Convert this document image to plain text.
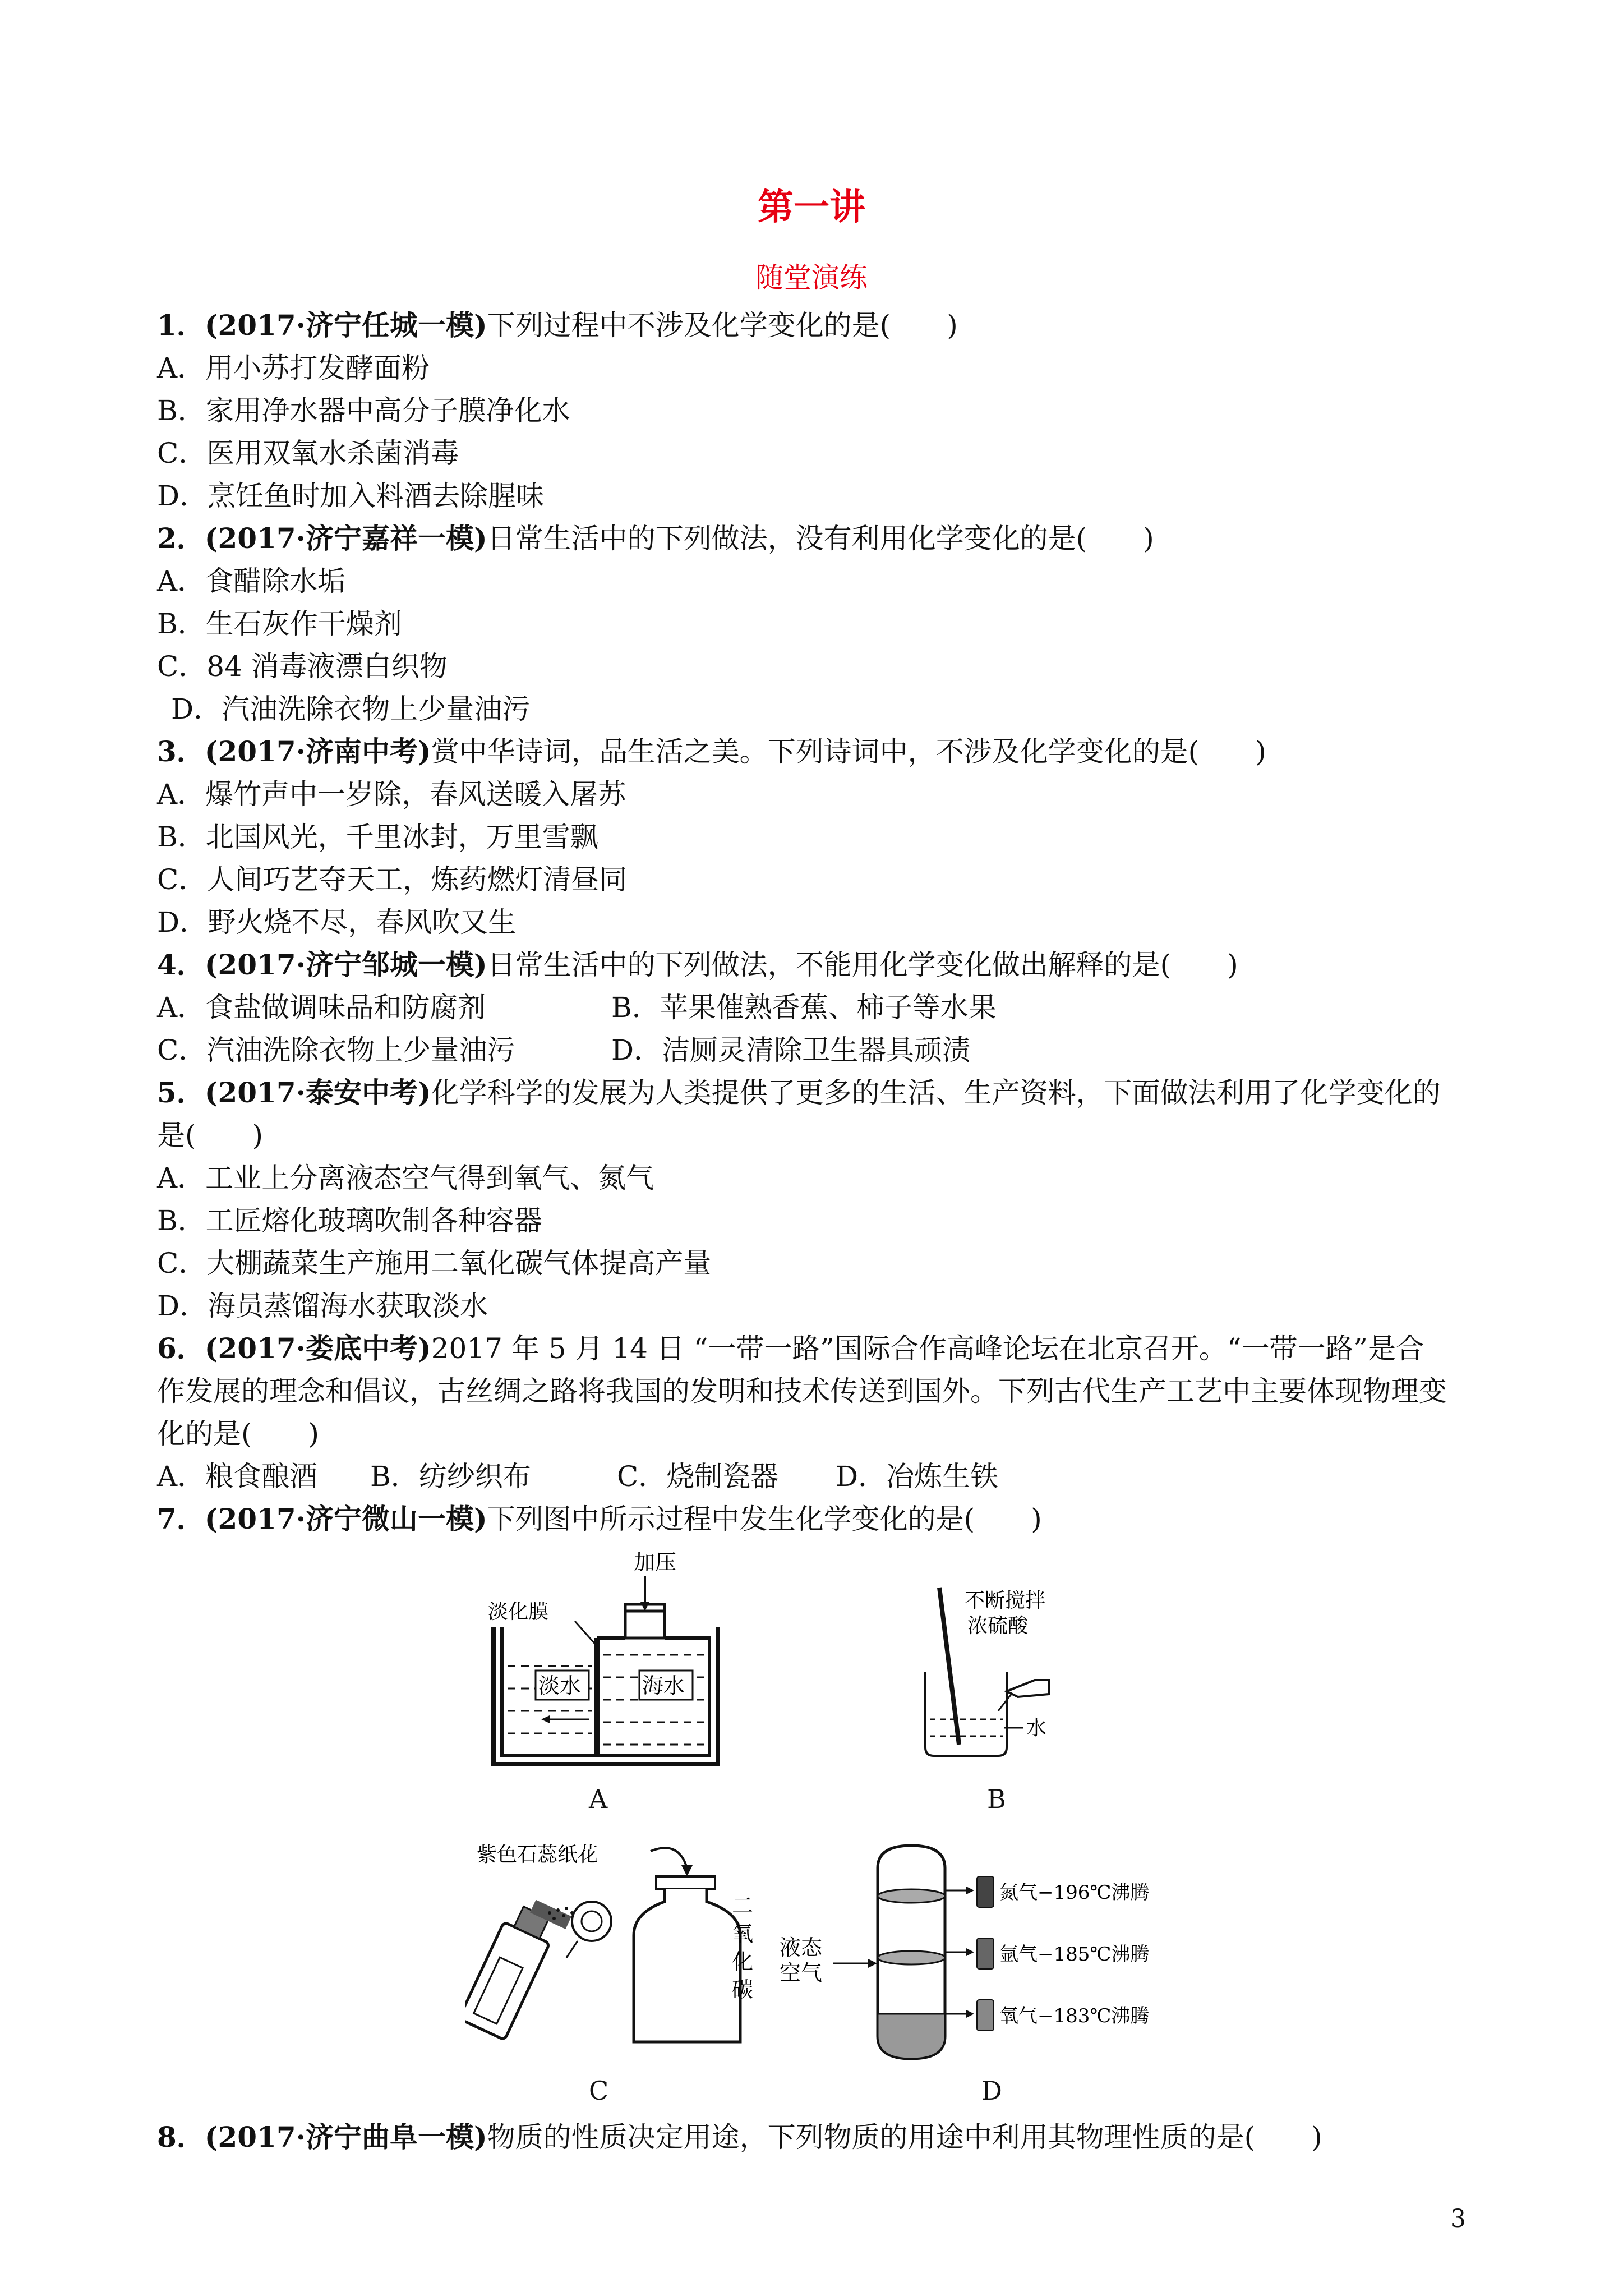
第一讲
随堂演练
1．(2017·济宁任城一模)下列过程中不涉及化学变化的是(　　)
A．用小苏打发酵面粉
B．家用净水器中高分子膜净化水
C．医用双氧水杀菌消毒
D．烹饪鱼时加入料酒去除腥味
2．(2017·济宁嘉祥一模)日常生活中的下列做法，没有利用化学变化的是(　　)
A．食醋除水垢
B．生石灰作干燥剂
C．84 消毒液漂白织物
D．汽油洗除衣物上少量油污
3．(2017·济南中考)赏中华诗词，品生活之美。下列诗词中，不涉及化学变化的是(　　)
A．爆竹声中一岁除，春风送暖入屠苏
B．北国风光，千里冰封，万里雪飘
C．人间巧艺夺天工，炼药燃灯清昼同
D．野火烧不尽，春风吹又生
4．(2017·济宁邹城一模)日常生活中的下列做法，不能用化学变化做出解释的是(　　)
A．食盐做调味品和防腐剂	B．苹果催熟香蕉、柿子等水果
C．汽油洗除衣物上少量油污	D．洁厕灵清除卫生器具顽渍
5．(2017·泰安中考)化学科学的发展为人类提供了更多的生活、生产资料，下面做法利用了化学变化的
是(　　)
A．工业上分离液态空气得到氧气、氮气
B．工匠熔化玻璃吹制各种容器
C．大棚蔬菜生产施用二氧化碳气体提高产量
D．海员蒸馏海水获取淡水
6．(2017·娄底中考)2017 年 5 月 14 日 “一带一路”国际合作高峰论坛在北京召开。“一带一路”是合
作发展的理念和倡议，古丝绸之路将我国的发明和技术传送到国外。下列古代生产工艺中主要体现物理变
化的是(　　)
A．粮食酿酒 B．纺纱织布	C．烧制瓷器 D．冶炼生铁
7．(2017·济宁微山一模)下列图中所示过程中发生化学变化的是(　　)
加压
淡化膜
淡水	海水
A
不断搅拌
浓硫酸
水
B
紫色石蕊纸花
二
氧
化
碳
C
液态
空气
氮气−196℃沸腾
氩气−185℃沸腾
氧气−183℃沸腾
D
8．(2017·济宁曲阜一模)物质的性质决定用途，下列物质的用途中利用其物理性质的是(　　)
3
